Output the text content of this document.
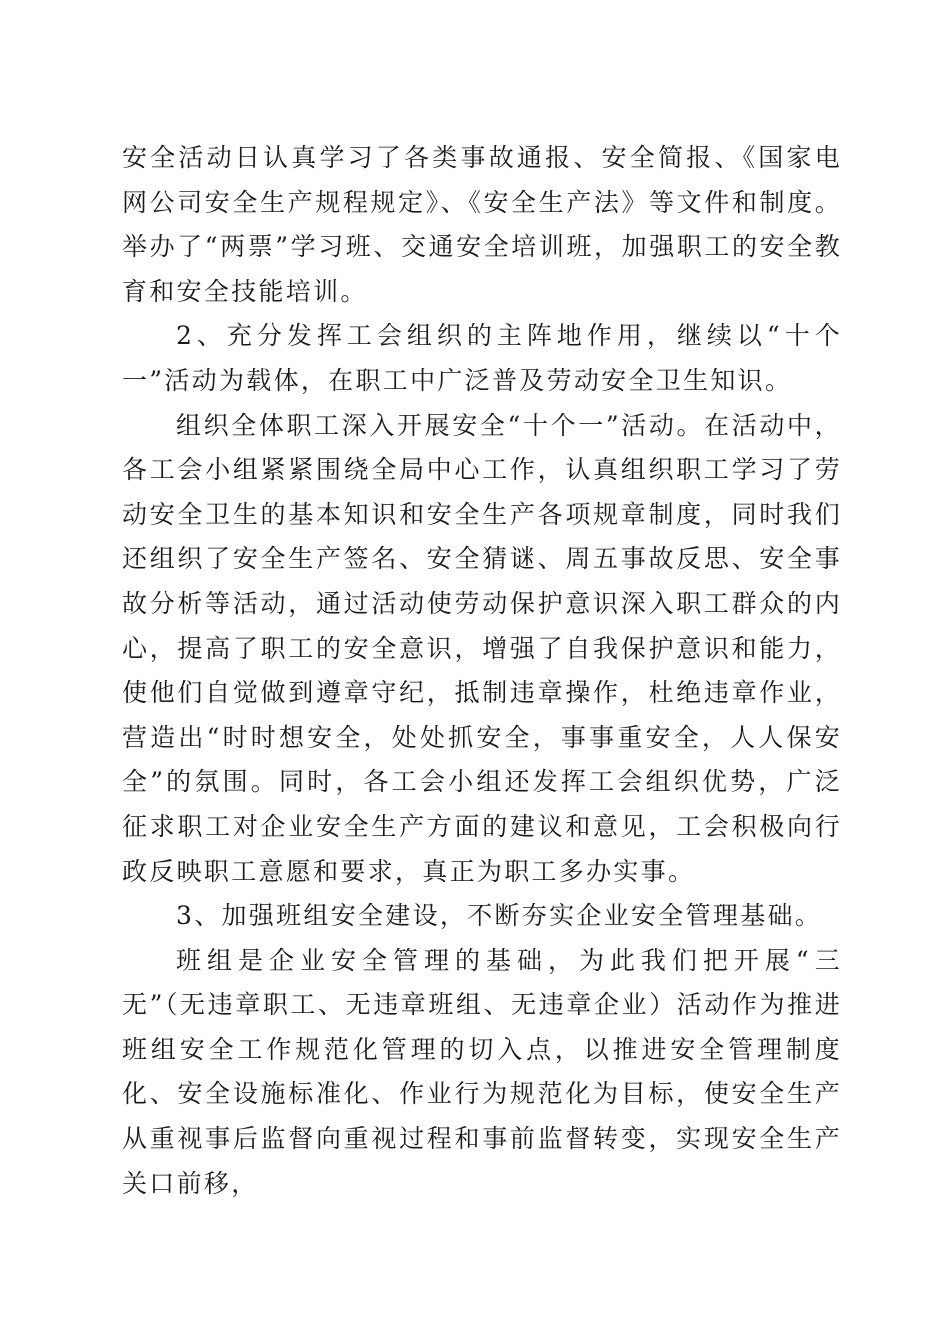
安全活动日认真学习了各类事故通报、安全简报、《国家电网公司安全生产规程规定》、《安全生产法》等文件和制度。举办了“两票”学习班、交通安全培训班，加强职工的安全教育和安全技能培训。

2、充分发挥工会组织的主阵地作用，继续以“十个一”活动为载体，在职工中广泛普及劳动安全卫生知识。

组织全体职工深入开展安全“十个一”活动。在活动中，各工会小组紧紧围绕全局中心工作，认真组织职工学习了劳动安全卫生的基本知识和安全生产各项规章制度，同时我们还组织了安全生产签名、安全猜谜、周五事故反思、安全事故分析等活动，通过活动使劳动保护意识深入职工群众的内心，提高了职工的安全意识，增强了自我保护意识和能力，使他们自觉做到遵章守纪，抵制违章操作，杜绝违章作业，营造出“时时想安全，处处抓安全，事事重安全，人人保安全”的氛围。同时，各工会小组还发挥工会组织优势，广泛征求职工对企业安全生产方面的建议和意见，工会积极向行政反映职工意愿和要求，真正为职工多办实事。

3、加强班组安全建设，不断夯实企业安全管理基础。

班组是企业安全管理的基础，为此我们把开展“三无”（无违章职工、无违章班组、无违章企业）活动作为推进班组安全工作规范化管理的切入点，以推进安全管理制度化、安全设施标准化、作业行为规范化为目标，使安全生产从重视事后监督向重视过程和事前监督转变，实现安全生产关口前移，
